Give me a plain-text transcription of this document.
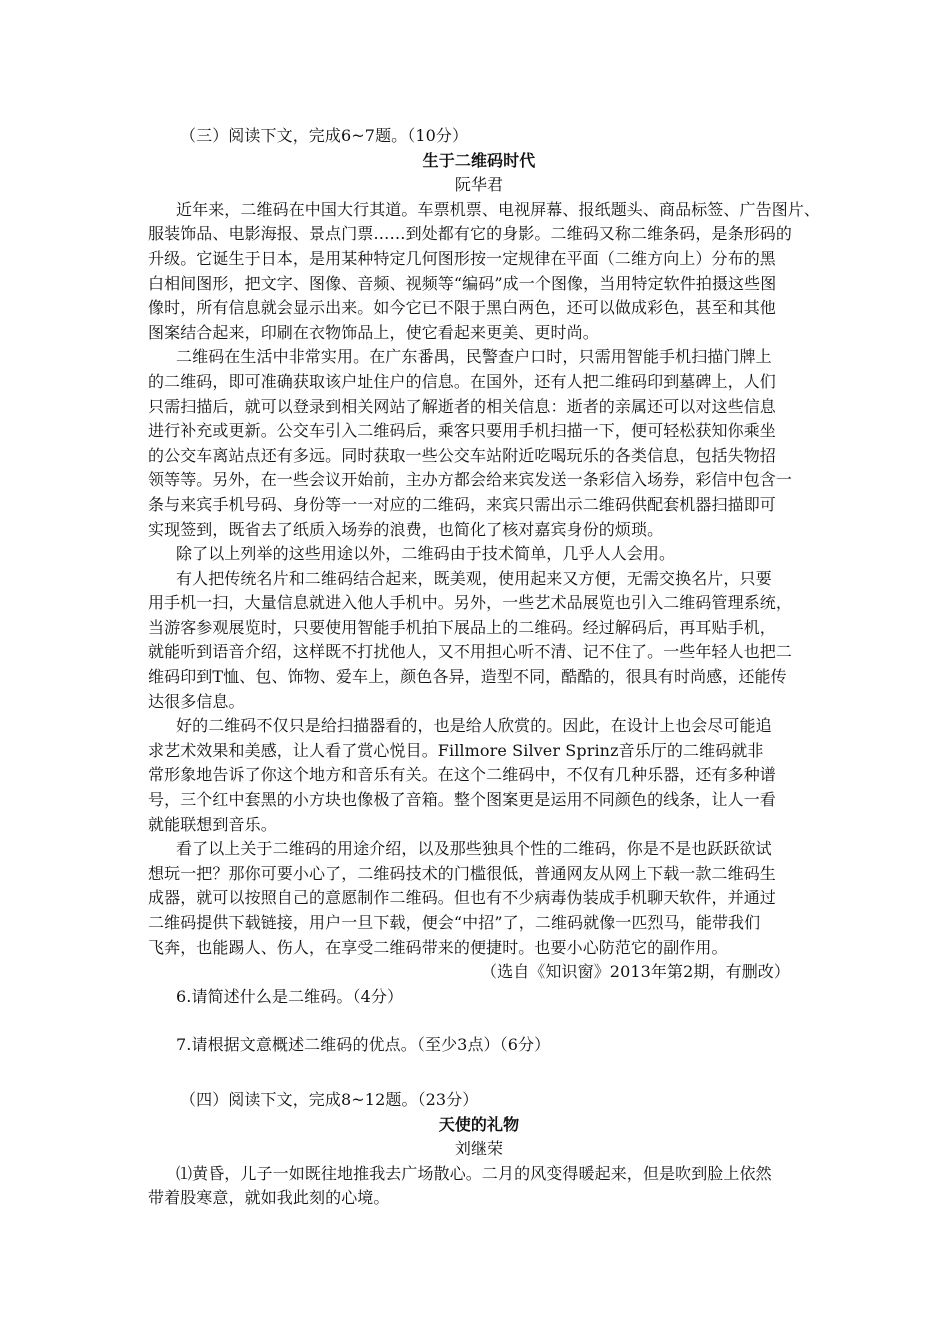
（三）阅读下文，完成6~7题。（10分）
生于二维码时代
阮华君
近年来，二维码在中国大行其道。车票机票、电视屏幕、报纸题头、商品标签、广告图片、
服装饰品、电影海报、景点门票……到处都有它的身影。二维码又称二维条码，是条形码的
升级。它诞生于日本，是用某种特定几何图形按一定规律在平面（二维方向上）分布的黑
白相间图形，把文字、图像、音频、视频等“编码”成一个图像，当用特定软件拍摄这些图
像时，所有信息就会显示出来。如今它已不限于黑白两色，还可以做成彩色，甚至和其他
图案结合起来，印刷在衣物饰品上，使它看起来更美、更时尚。
二维码在生活中非常实用。在广东番禺，民警查户口时，只需用智能手机扫描门牌上
的二维码，即可准确获取该户址住户的信息。在国外，还有人把二维码印到墓碑上，人们
只需扫描后，就可以登录到相关网站了解逝者的相关信息：逝者的亲属还可以对这些信息
进行补充或更新。公交车引入二维码后，乘客只要用手机扫描一下，便可轻松获知你乘坐
的公交车离站点还有多远。同时获取一些公交车站附近吃喝玩乐的各类信息，包括失物招
领等等。另外，在一些会议开始前，主办方都会给来宾发送一条彩信入场券，彩信中包含一
条与来宾手机号码、身份等一一对应的二维码，来宾只需出示二维码供配套机器扫描即可
实现签到，既省去了纸质入场券的浪费，也简化了核对嘉宾身份的烦琐。
除了以上列举的这些用途以外，二维码由于技术简单，几乎人人会用。
有人把传统名片和二维码结合起来，既美观，使用起来又方便，无需交换名片，只要
用手机一扫，大量信息就进入他人手机中。另外，一些艺术品展览也引入二维码管理系统，
当游客参观展览时，只要使用智能手机拍下展品上的二维码。经过解码后，再耳贴手机，
就能听到语音介绍，这样既不打扰他人，又不用担心听不清、记不住了。一些年轻人也把二
维码印到T恤、包、饰物、爱车上，颜色各异，造型不同，酷酷的，很具有时尚感，还能传
达很多信息。
好的二维码不仅只是给扫描器看的，也是给人欣赏的。因此，在设计上也会尽可能追
求艺术效果和美感，让人看了赏心悦目。Fillmore Silver Sprinz音乐厅的二维码就非
常形象地告诉了你这个地方和音乐有关。在这个二维码中，不仅有几种乐器，还有多种谱
号，三个红中套黑的小方块也像极了音箱。整个图案更是运用不同颜色的线条，让人一看
就能联想到音乐。
看了以上关于二维码的用途介绍，以及那些独具个性的二维码，你是不是也跃跃欲试
想玩一把？那你可要小心了，二维码技术的门槛很低，普通网友从网上下载一款二维码生
成器，就可以按照自己的意愿制作二维码。但也有不少病毒伪装成手机聊天软件，并通过
二维码提供下载链接，用户一旦下载，便会“中招”了，二维码就像一匹烈马，能带我们
飞奔，也能踢人、伤人，在享受二维码带来的便捷时。也要小心防范它的副作用。
（选自《知识窗》2013年第2期，有删改）
6.请简述什么是二维码。（4分）
7.请根据文意概述二维码的优点。（至少3点）（6分）
（四）阅读下文，完成8~12题。（23分）
天使的礼物
刘继荣
⑴黄昏，儿子一如既往地推我去广场散心。二月的风变得暖起来，但是吹到脸上依然
带着股寒意，就如我此刻的心境。
